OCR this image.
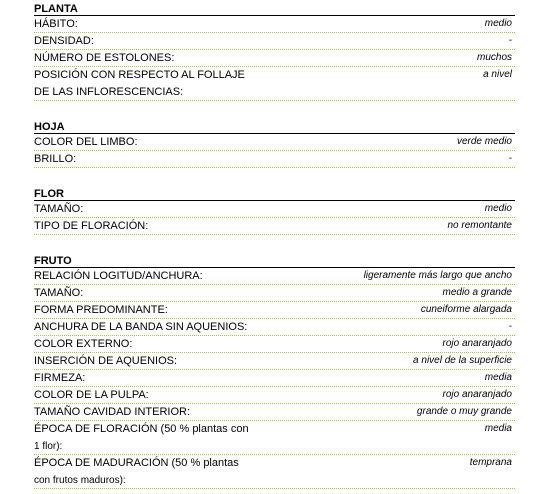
PLANTA
HÁBITO:	medio
DENSIDAD:	-
NÚMERO DE ESTOLONES:	muchos
POSICIÓN CON RESPECTO AL FOLLAJE
DE LAS INFLORESCENCIAS:
a nivel
HOJA
COLOR DEL LIMBO:	verde medio
BRILLO:	-
FLOR
TAMAÑO:	medio
TIPO DE FLORACIÓN:	no remontante
FRUTO
RELACIÓN LOGITUD/ANCHURA:	ligeramente más largo que ancho
TAMAÑO:	medio a grande
FORMA PREDOMINANTE:	cuneiforme alargada
ANCHURA DE LA BANDA SIN AQUENIOS:	-
COLOR EXTERNO:	rojo anaranjado
INSERCIÓN DE AQUENIOS:	a nivel de la superficie
FIRMEZA:	media
COLOR DE LA PULPA:	rojo anaranjado
TAMAÑO CAVIDAD INTERIOR:	grande o muy grande
ÉPOCA DE FLORACIÓN (50 % plantas con
1 flor):
media
ÉPOCA DE MADURACIÓN (50 % plantas
con frutos maduros):
temprana
